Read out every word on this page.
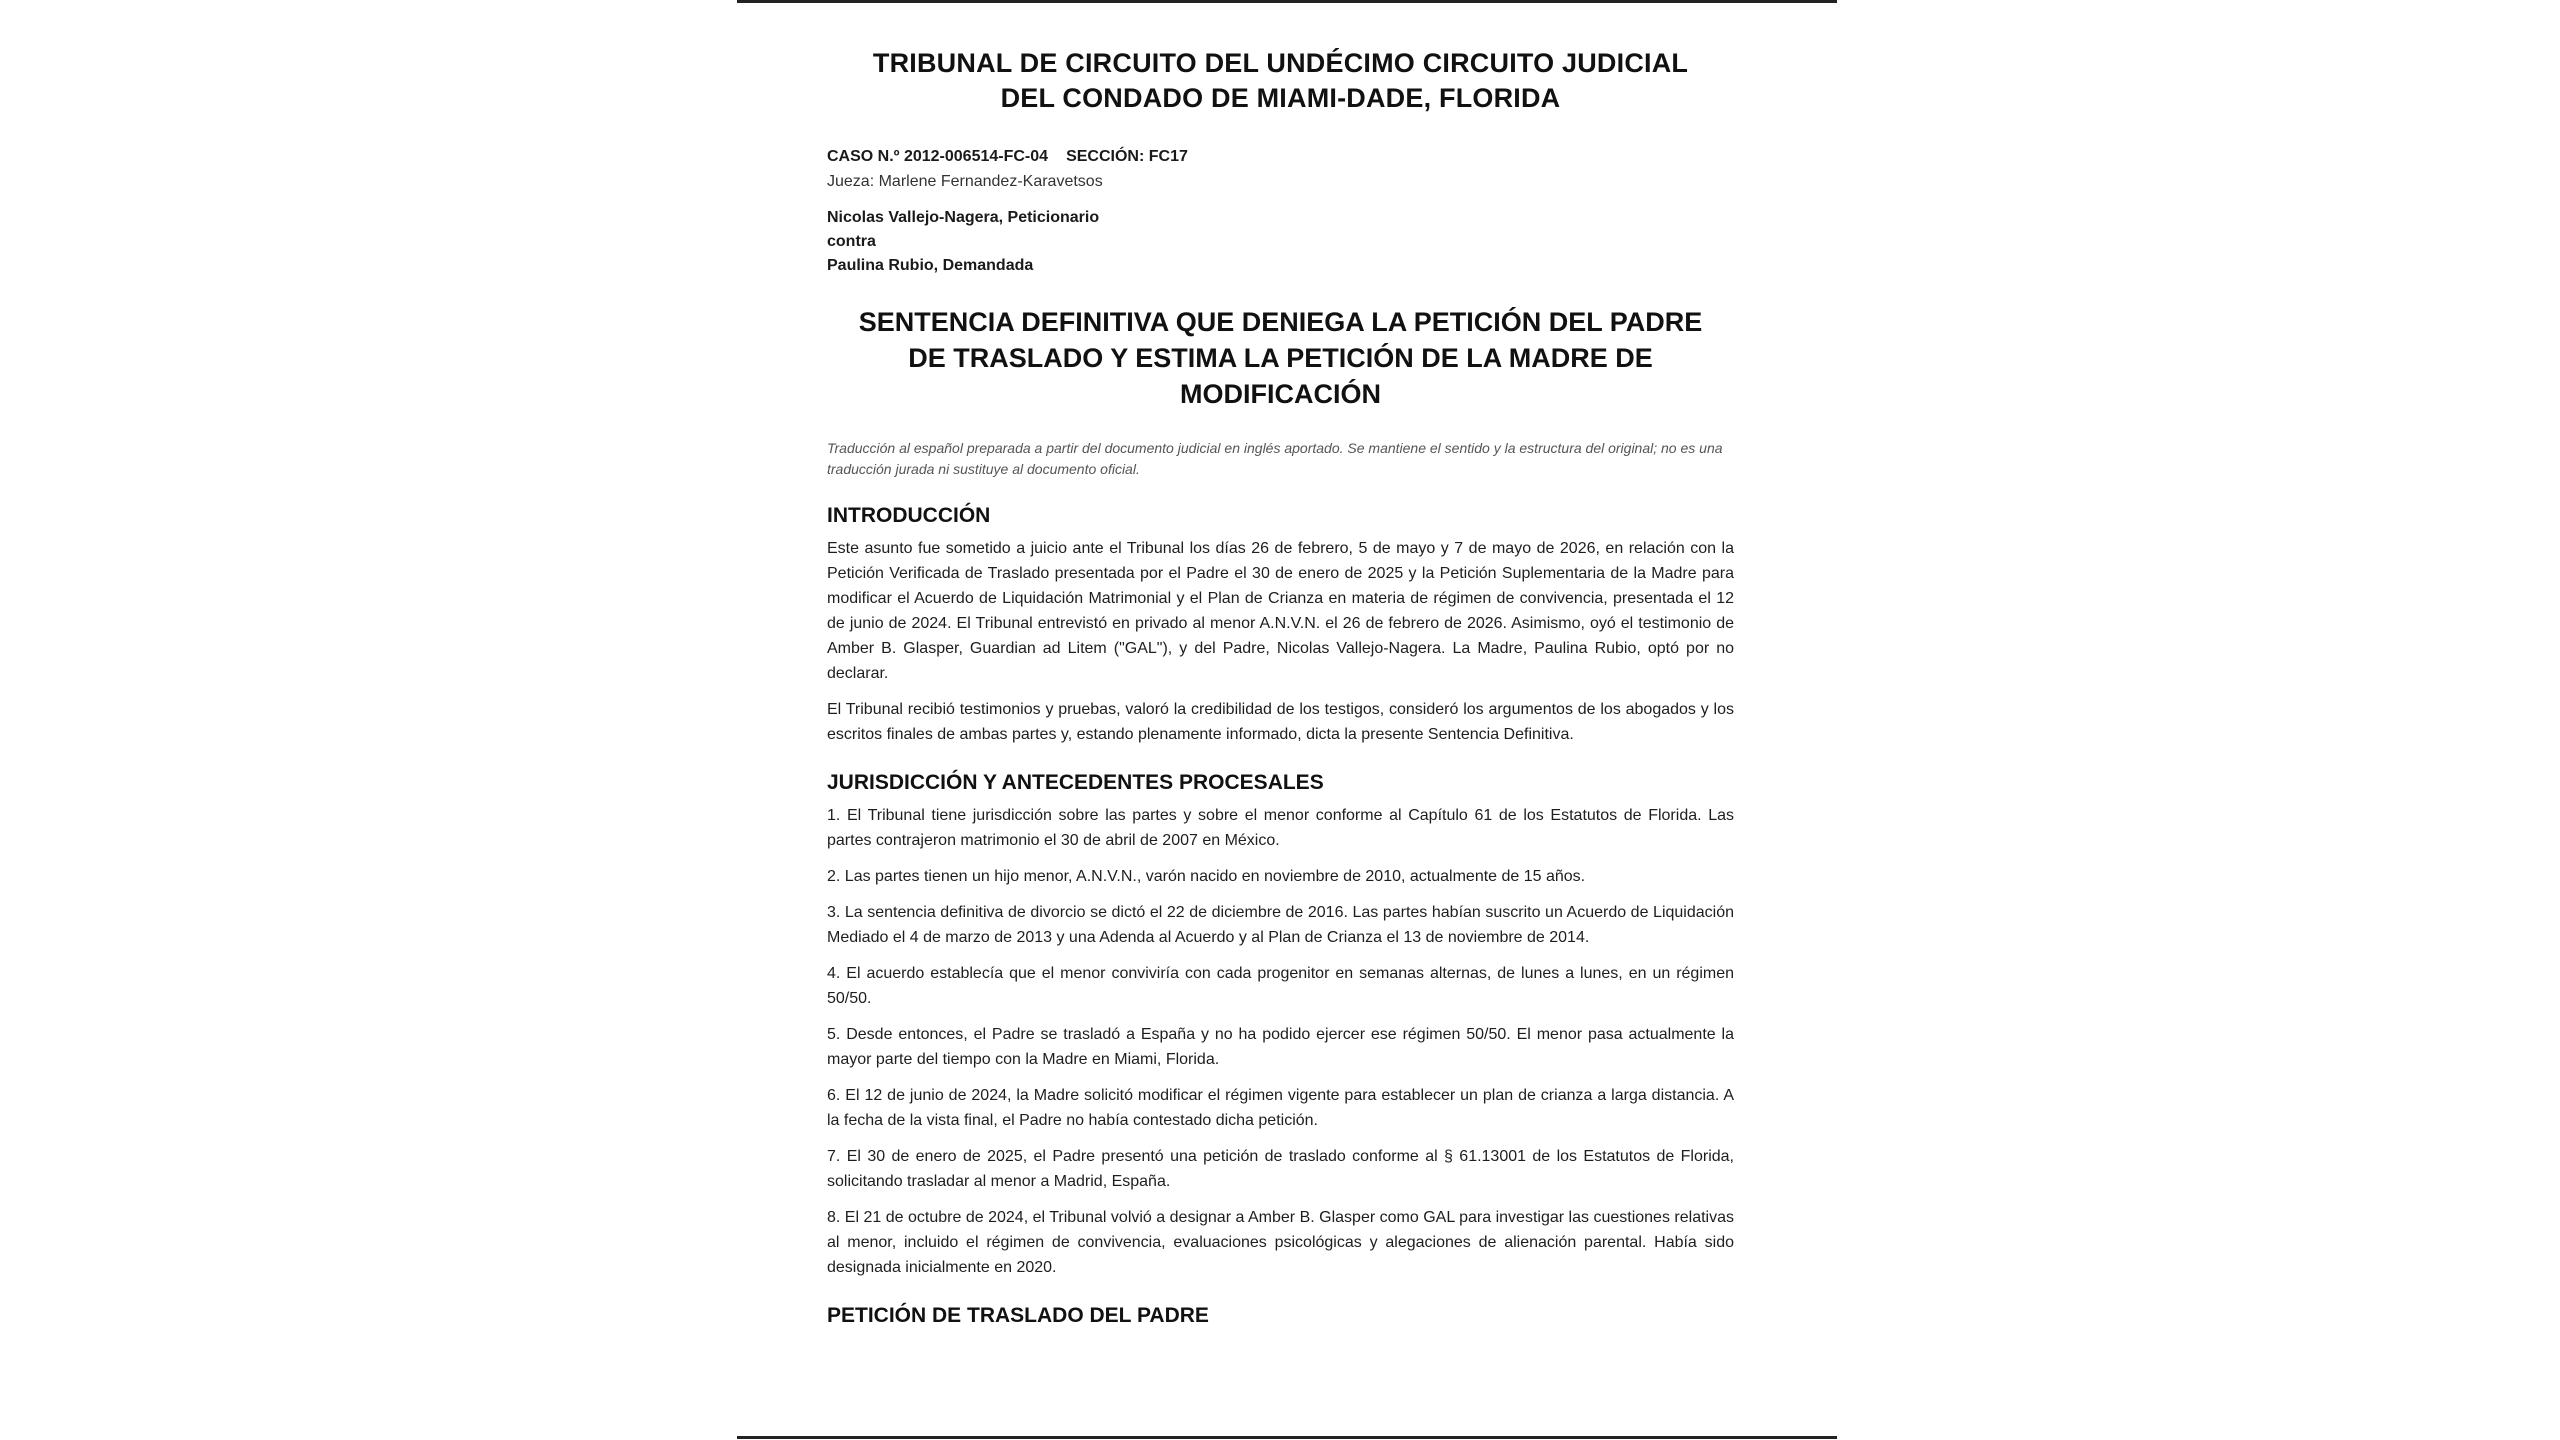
TRIBUNAL DE CIRCUITO DEL UNDÉCIMO CIRCUITO JUDICIAL
DEL CONDADO DE MIAMI-DADE, FLORIDA
CASO N.º 2012-006514-FC-04 SECCIÓN: FC17
Jueza: Marlene Fernandez-Karavetsos
Nicolas Vallejo-Nagera, Peticionario
contra
Paulina Rubio, Demandada
SENTENCIA DEFINITIVA QUE DENIEGA LA PETICIÓN DEL PADRE
DE TRASLADO Y ESTIMA LA PETICIÓN DE LA MADRE DE
MODIFICACIÓN
Traducción al español preparada a partir del documento judicial en inglés aportado. Se mantiene el sentido y la estructura del original; no es una traducción jurada ni sustituye al documento oficial.
INTRODUCCIÓN

Este asunto fue sometido a juicio ante el Tribunal los días 26 de febrero, 5 de mayo y 7 de mayo de 2026, en relación con la Petición Verificada de Traslado presentada por el Padre el 30 de enero de 2025 y la Petición Suplementaria de la Madre para modificar el Acuerdo de Liquidación Matrimonial y el Plan de Crianza en materia de régimen de convivencia, presentada el 12 de junio de 2024. El Tribunal entrevistó en privado al menor A.N.V.N. el 26 de febrero de 2026. Asimismo, oyó el testimonio de Amber B. Glasper, Guardian ad Litem ("GAL"), y del Padre, Nicolas Vallejo-Nagera. La Madre, Paulina Rubio, optó por no declarar.

El Tribunal recibió testimonios y pruebas, valoró la credibilidad de los testigos, consideró los argumentos de los abogados y los escritos finales de ambas partes y, estando plenamente informado, dicta la presente Sentencia Definitiva.

JURISDICCIÓN Y ANTECEDENTES PROCESALES

1. El Tribunal tiene jurisdicción sobre las partes y sobre el menor conforme al Capítulo 61 de los Estatutos de Florida. Las partes contrajeron matrimonio el 30 de abril de 2007 en México.

2. Las partes tienen un hijo menor, A.N.V.N., varón nacido en noviembre de 2010, actualmente de 15 años.

3. La sentencia definitiva de divorcio se dictó el 22 de diciembre de 2016. Las partes habían suscrito un Acuerdo de Liquidación Mediado el 4 de marzo de 2013 y una Adenda al Acuerdo y al Plan de Crianza el 13 de noviembre de 2014.

4. El acuerdo establecía que el menor conviviría con cada progenitor en semanas alternas, de lunes a lunes, en un régimen 50/50.

5. Desde entonces, el Padre se trasladó a España y no ha podido ejercer ese régimen 50/50. El menor pasa actualmente la mayor parte del tiempo con la Madre en Miami, Florida.

6. El 12 de junio de 2024, la Madre solicitó modificar el régimen vigente para establecer un plan de crianza a larga distancia. A la fecha de la vista final, el Padre no había contestado dicha petición.

7. El 30 de enero de 2025, el Padre presentó una petición de traslado conforme al § 61.13001 de los Estatutos de Florida, solicitando trasladar al menor a Madrid, España.

8. El 21 de octubre de 2024, el Tribunal volvió a designar a Amber B. Glasper como GAL para investigar las cuestiones relativas al menor, incluido el régimen de convivencia, evaluaciones psicológicas y alegaciones de alienación parental. Había sido designada inicialmente en 2020.

PETICIÓN DE TRASLADO DEL PADRE
